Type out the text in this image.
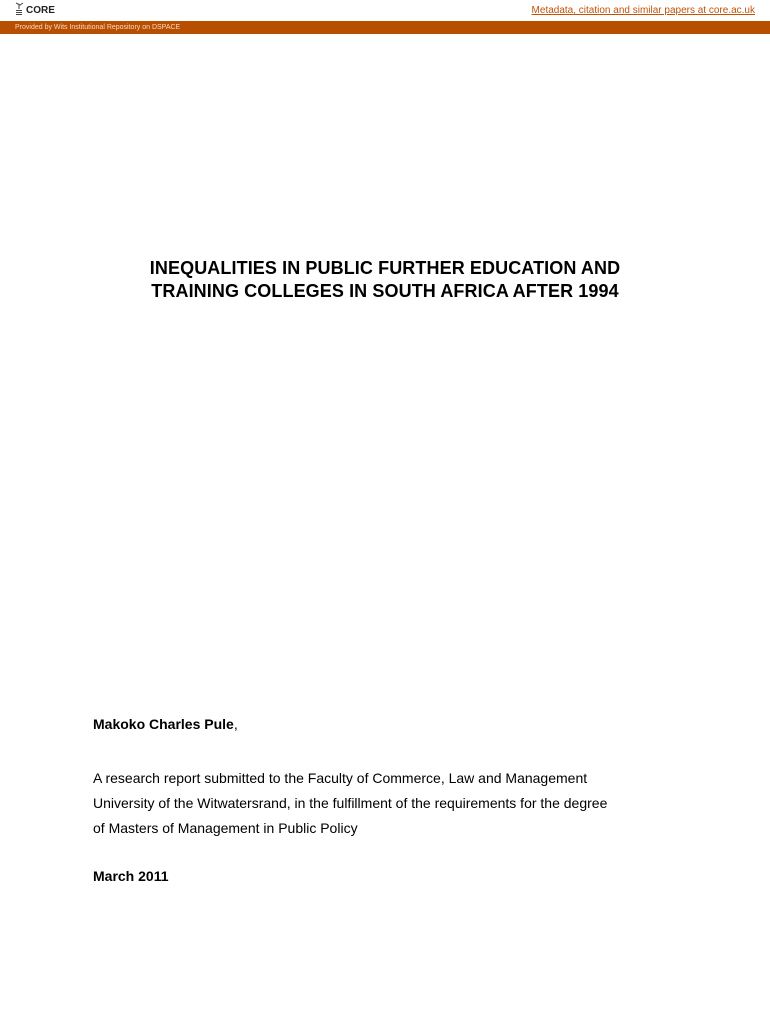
CORE	Metadata, citation and similar papers at core.ac.uk
Provided by Wits Institutional Repository on DSPACE
INEQUALITIES IN PUBLIC FURTHER EDUCATION AND
TRAINING COLLEGES IN SOUTH AFRICA AFTER 1994
Makoko Charles Pule,
A research report submitted to the Faculty of Commerce, Law and Management
University of the Witwatersrand, in the fulfillment of the requirements for the degree
of Masters of Management in Public Policy
March 2011
